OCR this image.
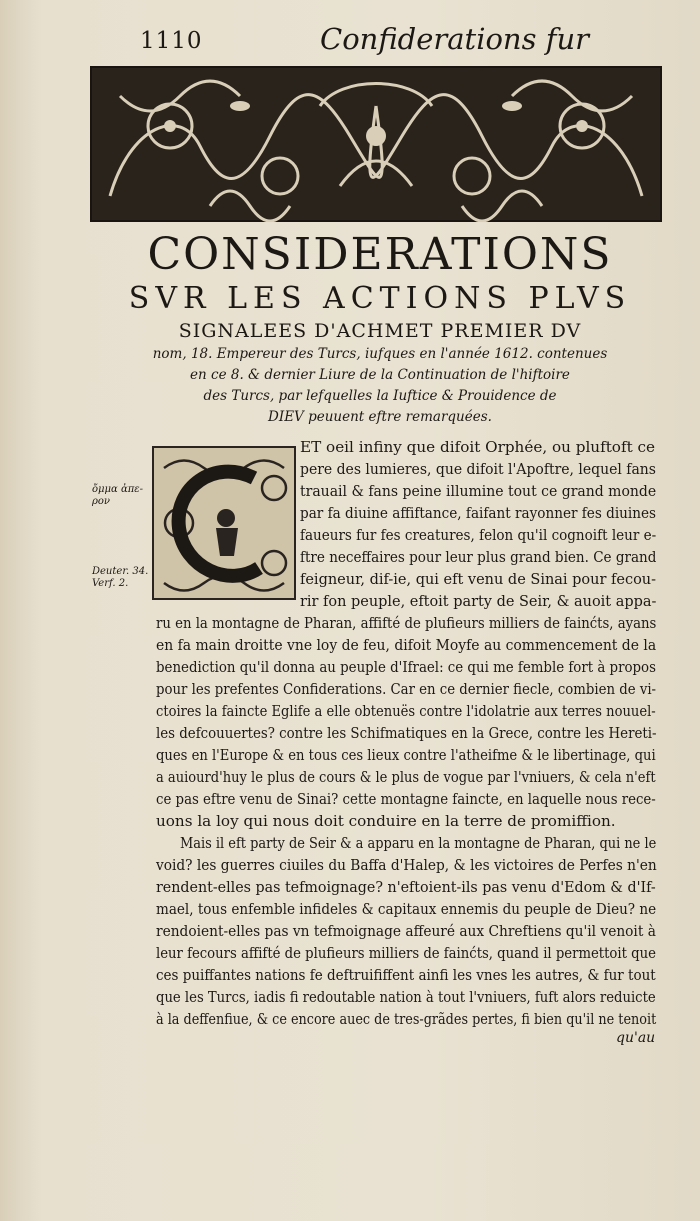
1110	Confiderations fur
CONSIDERATIONS
SVR LES ACTIONS PLVS
SIGNALEES D'ACHMET PREMIER DV
nom, 18. Empereur des Turcs, iufques en l'année 1612. contenues
en ce 8. & dernier Liure de la Continuation de l'hiftoire
des Turcs, par lefquelles la Iuftice & Prouidence de
DIEV peuuent eftre remarquées.
ὄμμα ἀπε-ρον
Deuter. 34. Verf. 2.
ET oeil infiny que difoit Orphée, ou pluftoft ce
pere des lumieres, que difoit l'Apoftre, lequel fans
trauail & fans peine illumine tout ce grand monde
par fa diuine affiftance, faifant rayonner fes diuines
faueurs fur fes creatures, felon qu'il cognoift leur e-
ftre neceffaires pour leur plus grand bien. Ce grand
feigneur, dif-ie, qui eft venu de Sinai pour fecou-
rir fon peuple, eftoit party de Seir, & auoit appa-
ru en la montagne de Pharan, affifté de plufieurs milliers de fainćts, ayans
en fa main droitte vne loy de feu, difoit Moyfe au commencement de la
benediction qu'il donna au peuple d'Ifrael: ce qui me femble fort à propos
pour les prefentes Confiderations. Car en ce dernier fiecle, combien de vi-
ctoires la faincte Eglife a elle obtenuës contre l'idolatrie aux terres nouuel-
les defcouuertes? contre les Schifmatiques en la Grece, contre les Hereti-
ques en l'Europe & en tous ces lieux contre l'atheifme & le libertinage, qui
a auiourd'huy le plus de cours & le plus de vogue par l'vniuers, & cela n'eft
ce pas eftre venu de Sinai? cette montagne faincte, en laquelle nous rece-
uons la loy qui nous doit conduire en la terre de promiffion.
Mais il eft party de Seir & a apparu en la montagne de Pharan, qui ne le
void? les guerres ciuiles du Baffa d'Halep, & les victoires de Perfes n'en
rendent-elles pas tefmoignage? n'eftoient-ils pas venu d'Edom & d'If-
mael, tous enfemble infideles & capitaux ennemis du peuple de Dieu? ne
rendoient-elles pas vn tefmoignage affeuré aux Chreftiens qu'il venoit à
leur fecours affifté de plufieurs milliers de fainćts, quand il permettoit que
ces puiffantes nations fe deftruififfent ainfi les vnes les autres, & fur tout
que les Turcs, iadis fi redoutable nation à tout l'vniuers, fuft alors reduicte
à la deffenfiue, & ce encore auec de tres-grãdes pertes, fi bien qu'il ne tenoit
qu'au
